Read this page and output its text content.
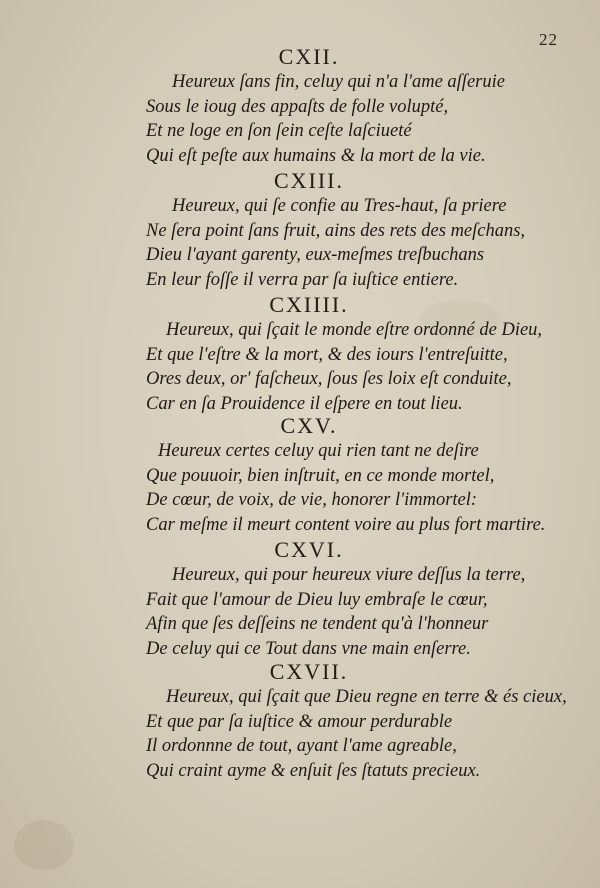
22
CXII.
Heureux ſans fin, celuy qui n'a l'ame aſſeruie
Sous le ioug des appaſts de folle volupté,
Et ne loge en ſon ſein ceſte laſciueté
Qui eſt peſte aux humains & la mort de la vie.
CXIII.
Heureux, qui ſe confie au Tres-haut, ſa priere
Ne ſera point ſans fruit, ains des rets des meſchans,
Dieu l'ayant garenty, eux-meſmes treſbuchans
En leur foſſe il verra par ſa iuſtice entiere.
CXIIII.
Heureux, qui ſçait le monde eſtre ordonné de Dieu,
Et que l'eſtre & la mort, & des iours l'entreſuitte,
Ores deux, or' faſcheux, ſous ſes loix eſt conduite,
Car en ſa Prouidence il eſpere en tout lieu.
CXV.
Heureux certes celuy qui rien tant ne deſire
Que pouuoir, bien inſtruit, en ce monde mortel,
De cœur, de voix, de vie, honorer l'immortel:
Car meſme il meurt content voire au plus fort martire.
CXVI.
Heureux, qui pour heureux viure deſſus la terre,
Fait que l'amour de Dieu luy embraſe le cœur,
Afin que ſes deſſeins ne tendent qu'à l'honneur
De celuy qui ce Tout dans vne main enſerre.
CXVII.
Heureux, qui ſçait que Dieu regne en terre & és cieux,
Et que par ſa iuſtice & amour perdurable
Il ordonnne de tout, ayant l'ame agreable,
Qui craint ayme & enſuit ſes ſtatuts precieux.
